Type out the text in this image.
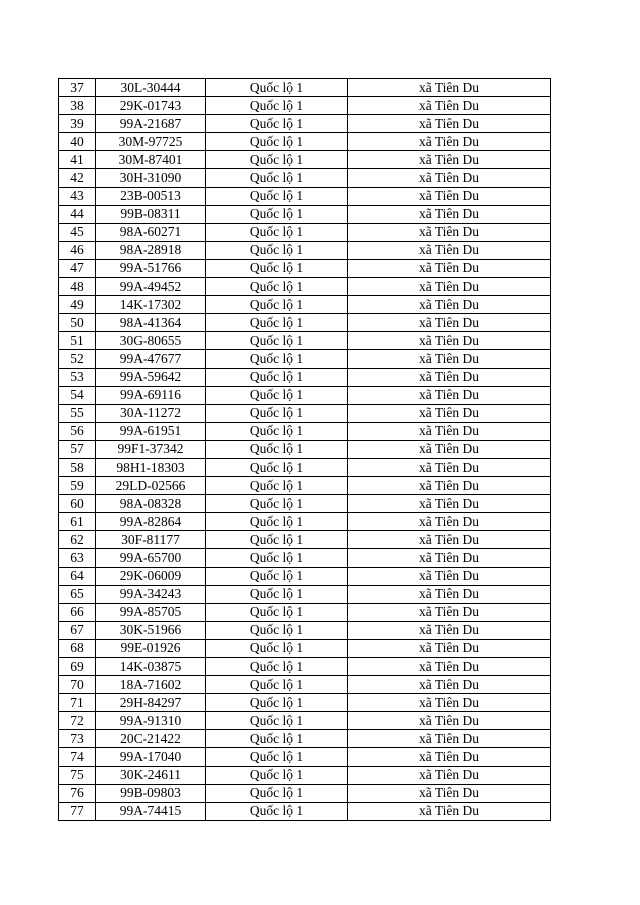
37	30L-30444	Quốc lộ 1	xã Tiên Du
38	29K-01743	Quốc lộ 1	xã Tiên Du
39	99A-21687	Quốc lộ 1	xã Tiên Du
40	30M-97725	Quốc lộ 1	xã Tiên Du
41	30M-87401	Quốc lộ 1	xã Tiên Du
42	30H-31090	Quốc lộ 1	xã Tiên Du
43	23B-00513	Quốc lộ 1	xã Tiên Du
44	99B-08311	Quốc lộ 1	xã Tiên Du
45	98A-60271	Quốc lộ 1	xã Tiên Du
46	98A-28918	Quốc lộ 1	xã Tiên Du
47	99A-51766	Quốc lộ 1	xã Tiên Du
48	99A-49452	Quốc lộ 1	xã Tiên Du
49	14K-17302	Quốc lộ 1	xã Tiên Du
50	98A-41364	Quốc lộ 1	xã Tiên Du
51	30G-80655	Quốc lộ 1	xã Tiên Du
52	99A-47677	Quốc lộ 1	xã Tiên Du
53	99A-59642	Quốc lộ 1	xã Tiên Du
54	99A-69116	Quốc lộ 1	xã Tiên Du
55	30A-11272	Quốc lộ 1	xã Tiên Du
56	99A-61951	Quốc lộ 1	xã Tiên Du
57	99F1-37342	Quốc lộ 1	xã Tiên Du
58	98H1-18303	Quốc lộ 1	xã Tiên Du
59	29LD-02566	Quốc lộ 1	xã Tiên Du
60	98A-08328	Quốc lộ 1	xã Tiên Du
61	99A-82864	Quốc lộ 1	xã Tiên Du
62	30F-81177	Quốc lộ 1	xã Tiên Du
63	99A-65700	Quốc lộ 1	xã Tiên Du
64	29K-06009	Quốc lộ 1	xã Tiên Du
65	99A-34243	Quốc lộ 1	xã Tiên Du
66	99A-85705	Quốc lộ 1	xã Tiên Du
67	30K-51966	Quốc lộ 1	xã Tiên Du
68	99E-01926	Quốc lộ 1	xã Tiên Du
69	14K-03875	Quốc lộ 1	xã Tiên Du
70	18A-71602	Quốc lộ 1	xã Tiên Du
71	29H-84297	Quốc lộ 1	xã Tiên Du
72	99A-91310	Quốc lộ 1	xã Tiên Du
73	20C-21422	Quốc lộ 1	xã Tiên Du
74	99A-17040	Quốc lộ 1	xã Tiên Du
75	30K-24611	Quốc lộ 1	xã Tiên Du
76	99B-09803	Quốc lộ 1	xã Tiên Du
77	99A-74415	Quốc lộ 1	xã Tiên Du
